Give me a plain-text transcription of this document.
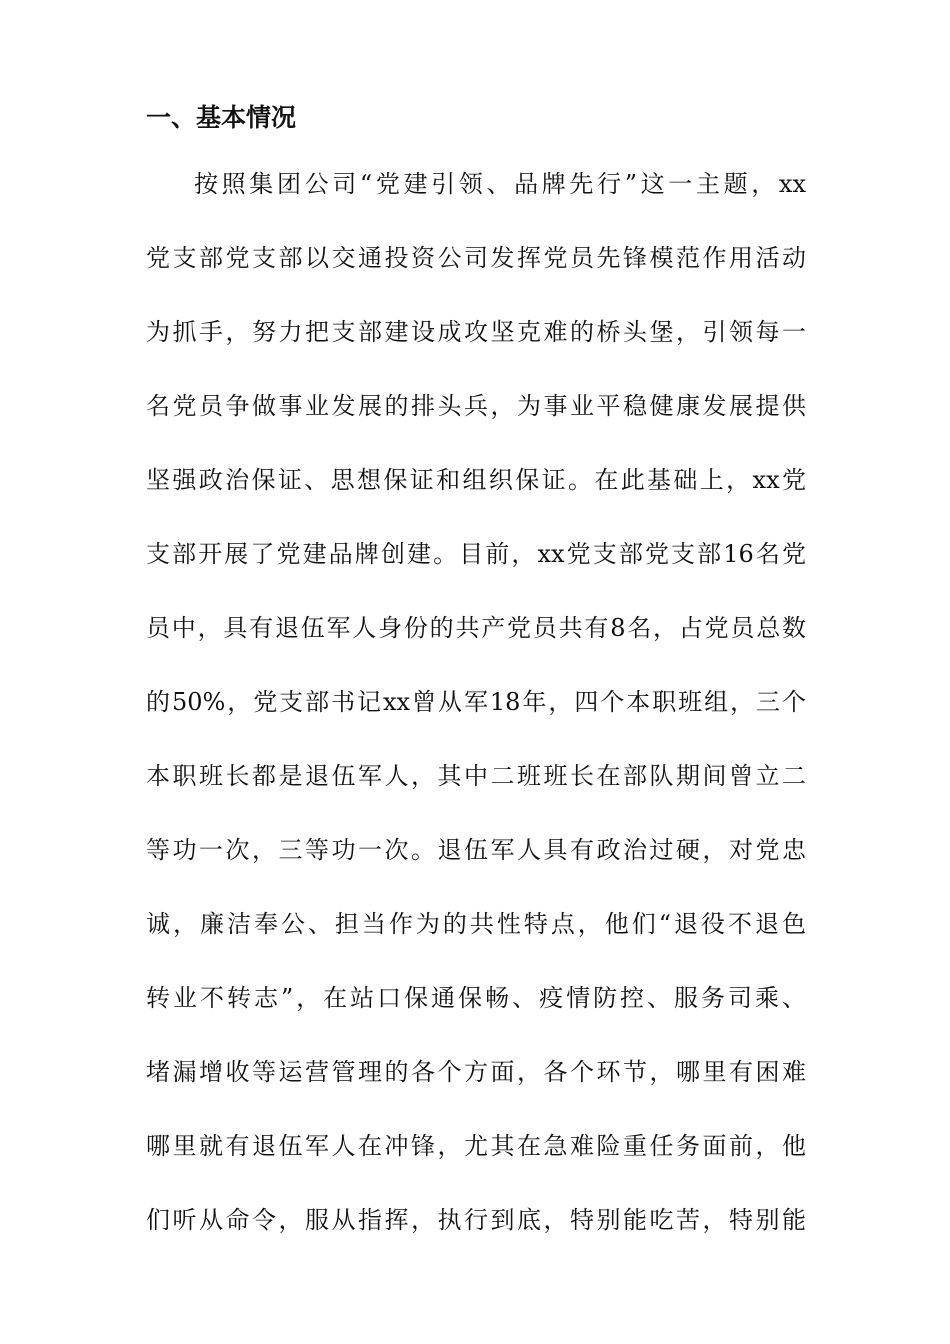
一、基本情况
按照集团公司“党建引领、品牌先行”这一主题，xx
党支部党支部以交通投资公司发挥党员先锋模范作用活动
为抓手，努力把支部建设成攻坚克难的桥头堡，引领每一
名党员争做事业发展的排头兵，为事业平稳健康发展提供
坚强政治保证、思想保证和组织保证。在此基础上，xx党
支部开展了党建品牌创建。目前，xx党支部党支部16名党
员中，具有退伍军人身份的共产党员共有8名，占党员总数
的50%，党支部书记xx曾从军18年，四个本职班组，三个
本职班长都是退伍军人，其中二班班长在部队期间曾立二
等功一次，三等功一次。退伍军人具有政治过硬，对党忠
诚，廉洁奉公、担当作为的共性特点，他们“退役不退色
转业不转志”，在站口保通保畅、疫情防控、服务司乘、
堵漏增收等运营管理的各个方面，各个环节，哪里有困难
哪里就有退伍军人在冲锋，尤其在急难险重任务面前，他
们听从命令，服从指挥，执行到底，特别能吃苦，特别能
